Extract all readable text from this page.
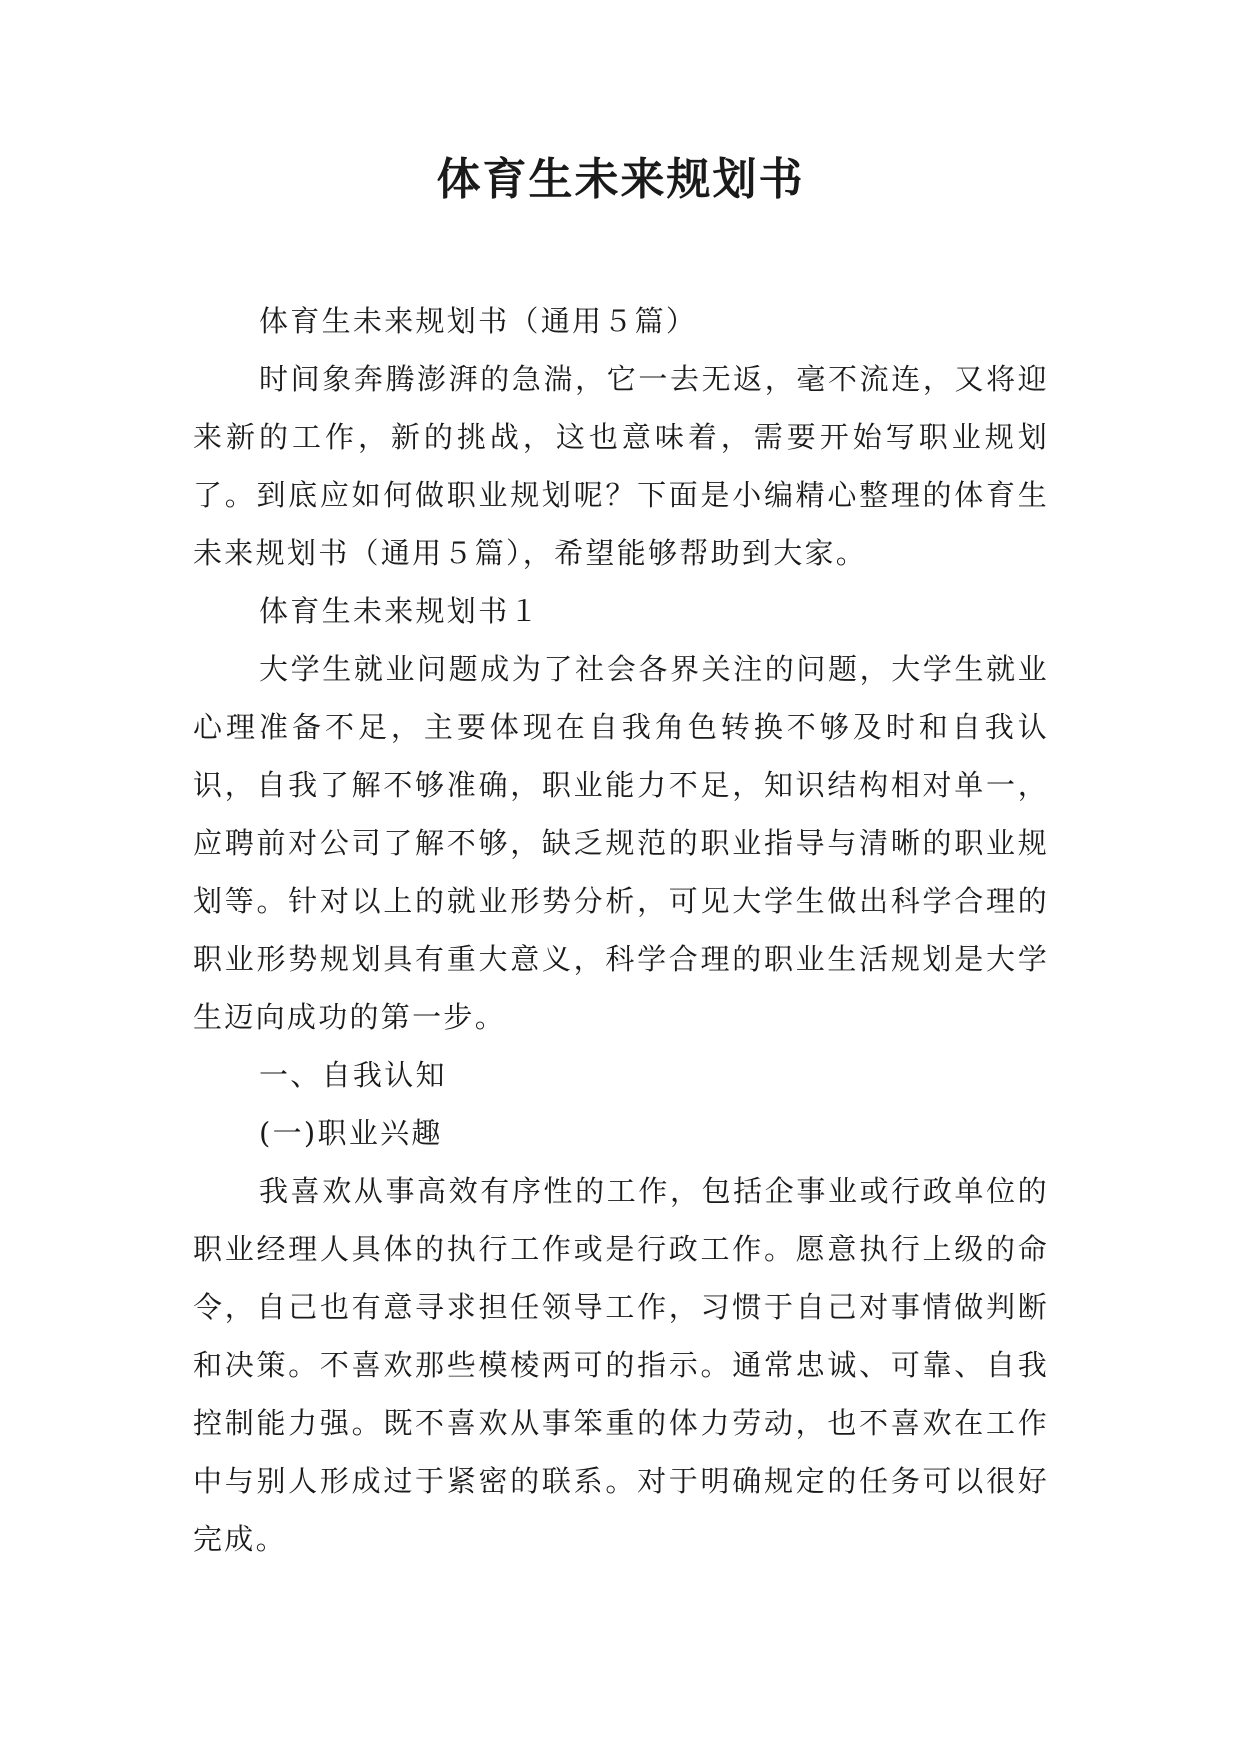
体育生未来规划书

体育生未来规划书（通用５篇）

时间象奔腾澎湃的急湍，它一去无返，毫不流连，又将迎来新的工作，新的挑战，这也意味着，需要开始写职业规划了。到底应如何做职业规划呢？下面是小编精心整理的体育生未来规划书（通用５篇），希望能够帮助到大家。

体育生未来规划书１

大学生就业问题成为了社会各界关注的问题，大学生就业心理准备不足，主要体现在自我角色转换不够及时和自我认识，自我了解不够准确，职业能力不足，知识结构相对单一，应聘前对公司了解不够，缺乏规范的职业指导与清晰的职业规划等。针对以上的就业形势分析，可见大学生做出科学合理的职业形势规划具有重大意义，科学合理的职业生活规划是大学生迈向成功的第一步。

一、自我认知

(一)职业兴趣

我喜欢从事高效有序性的工作，包括企事业或行政单位的职业经理人具体的执行工作或是行政工作。愿意执行上级的命令，自己也有意寻求担任领导工作，习惯于自己对事情做判断和决策。不喜欢那些模棱两可的指示。通常忠诚、可靠、自我控制能力强。既不喜欢从事笨重的体力劳动，也不喜欢在工作中与别人形成过于紧密的联系。对于明确规定的任务可以很好完成。
